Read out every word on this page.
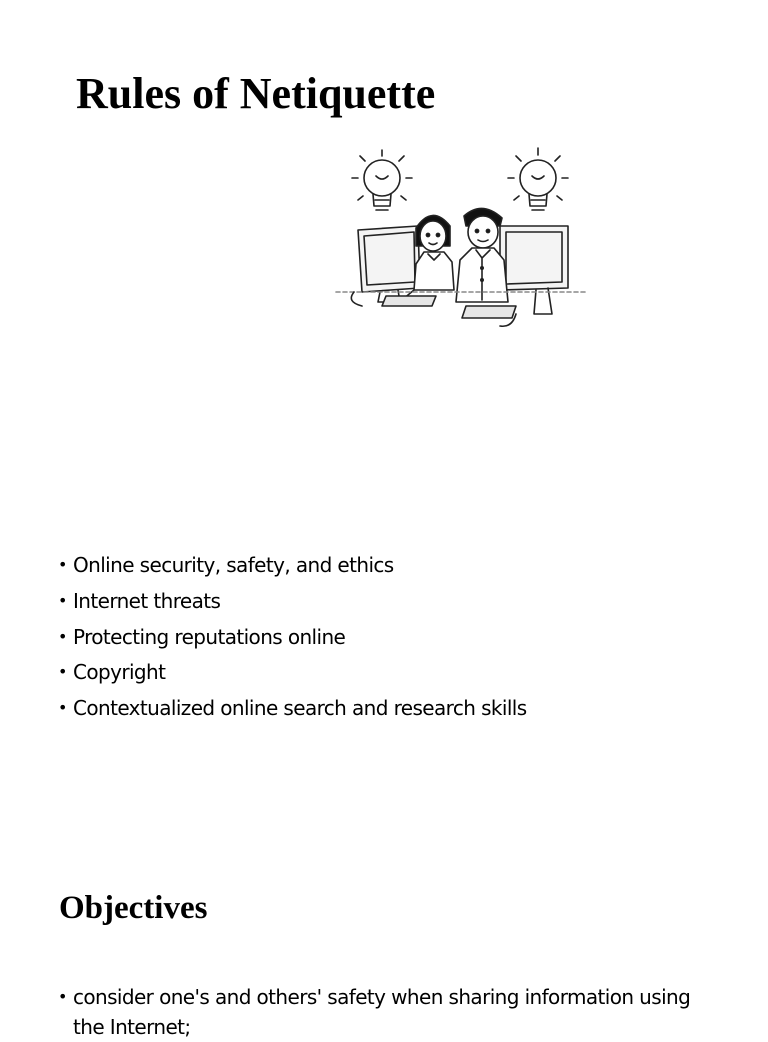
Rules of Netiquette
• Online security, safety, and ethics
• Internet threats
• Protecting reputations online
• Copyright
• Contextualized online search and research skills
Objectives
• consider one's and others' safety when sharing information using the Internet;
